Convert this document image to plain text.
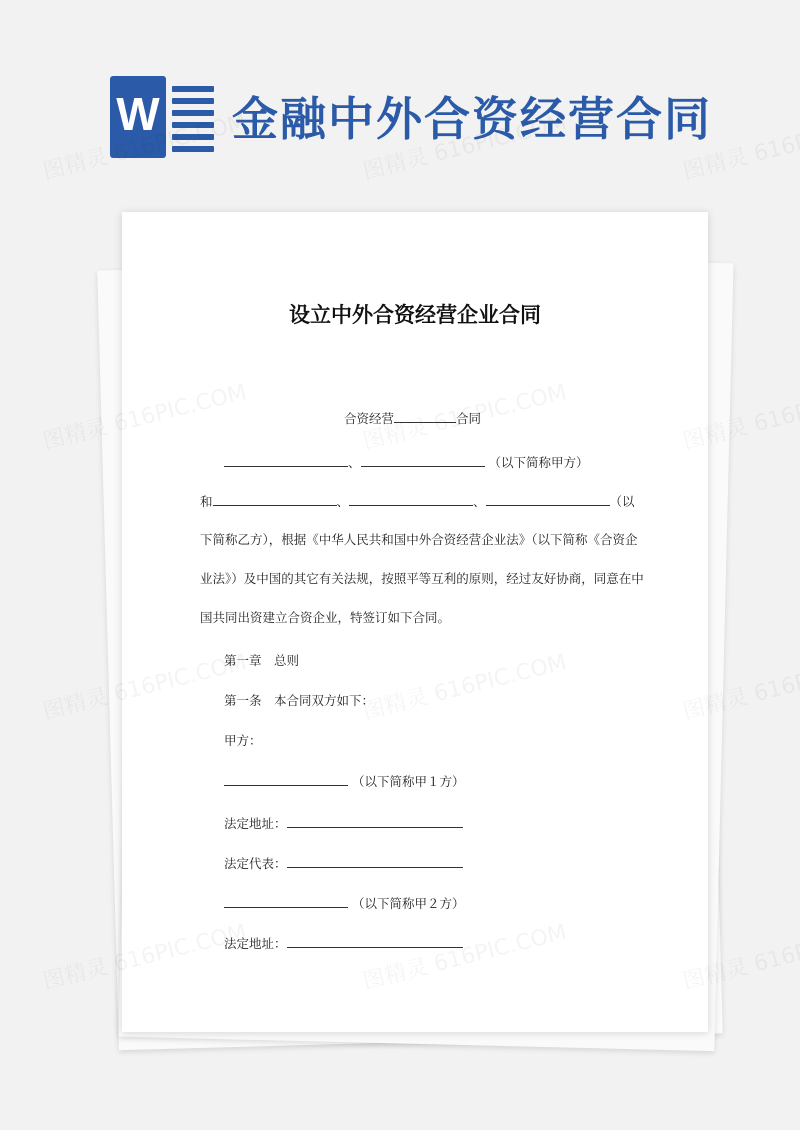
W 金融中外合资经营合同
设立中外合资经营企业合同
合资经营	合同
、	（以下简称甲方）
和	、	、	（以
下简称乙方），根据《中华人民共和国中外合资经营企业法》（以下简称《合资企
业法》）及中国的其它有关法规，按照平等互利的原则，经过友好协商，同意在中
国共同出资建立合资企业，特签订如下合同。
第一章　总则
第一条　本合同双方如下：
甲方：
（以下简称甲１方）
法定地址：
法定代表：
（以下简称甲２方）
法定地址：
